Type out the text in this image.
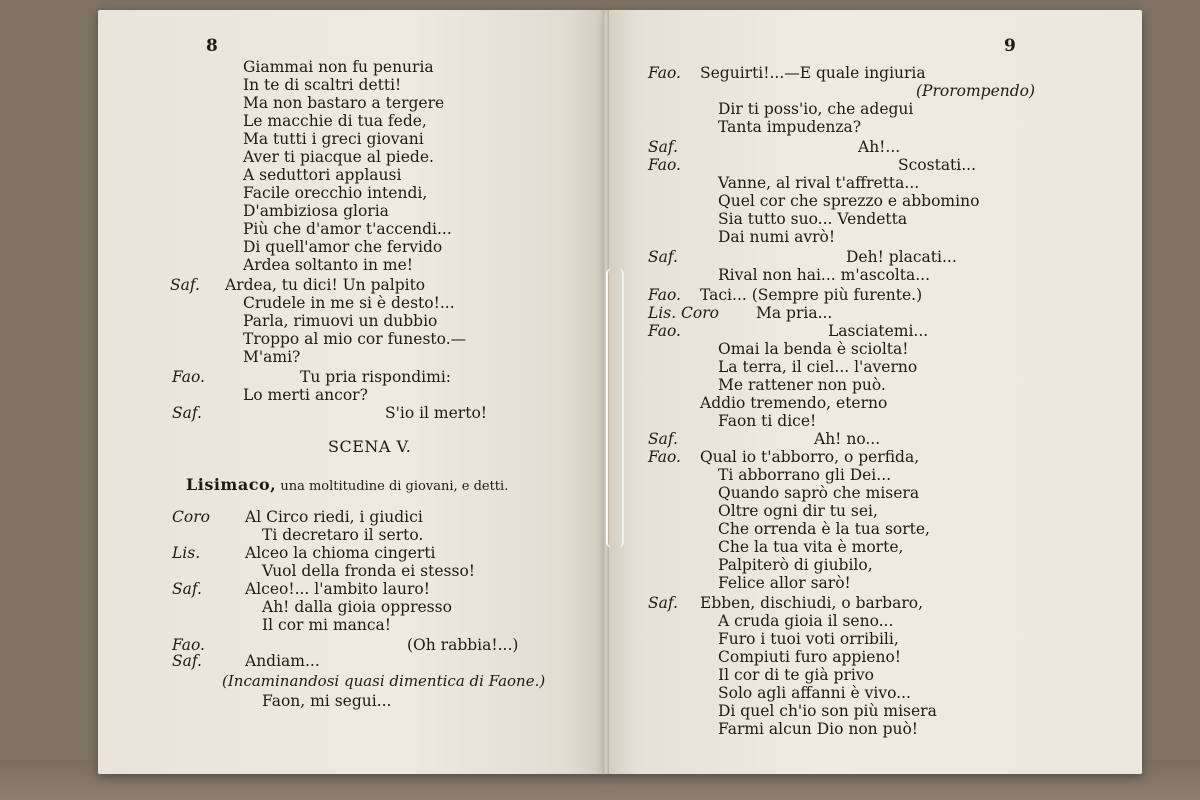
8
Giammai non fu penuria
In te di scaltri detti!
Ma non bastaro a tergere
Le macchie di tua fede,
Ma tutti i greci giovani
Aver ti piacque al piede.
A seduttori applausi
Facile orecchio intendi,
D'ambiziosa gloria
Più che d'amor t'accendi...
Di quell'amor che fervido
Ardea soltanto in me!
Saf. Ardea, tu dici! Un palpito
Crudele in me si è desto!...
Parla, rimuovi un dubbio
Troppo al mio cor funesto.—
M'ami?
Fao.	Tu pria rispondimi:
Lo merti ancor?
Saf.	S'io il merto!
SCENA V.
Lisimaco, una moltitudine di giovani, e detti.
Coro Al Circo riedi, i giudici
Ti decretaro il serto.
Lis.	Alceo la chioma cingerti
Vuol della fronda ei stesso!
Saf.	Alceo!... l'ambito lauro!
Ah! dalla gioia oppresso
Il cor mi manca!
Fao.	(Oh rabbia!...)
Saf.	Andiam...
(Incaminandosi quasi dimentica di Faone.)
Faon, mi segui...
9
Fao. Seguirti!...—E quale ingiuria
(Prorompendo)
Dir ti poss'io, che adegui
Tanta impudenza?
Saf.	Ah!...
Fao.	Scostati...
Vanne, al rival t'affretta...
Quel cor che sprezzo e abbomino
Sia tutto suo... Vendetta
Dai numi avrò!
Saf.	Deh! placati...
Rival non hai... m'ascolta...
Fao. Taci... (Sempre più furente.)
Lis. Coro Ma pria...
Fao.	Lasciatemi...
Omai la benda è sciolta!
La terra, il ciel... l'averno
Me rattener non può.
Addio tremendo, eterno
Faon ti dice!
Saf.	Ah! no...
Fao. Qual io t'abborro, o perfida,
Ti abborrano gli Dei...
Quando saprò che misera
Oltre ogni dir tu sei,
Che orrenda è la tua sorte,
Che la tua vita è morte,
Palpiterò di giubilo,
Felice allor sarò!
Saf. Ebben, dischiudi, o barbaro,
A cruda gioia il seno...
Furo i tuoi voti orribili,
Compiuti furo appieno!
Il cor di te già privo
Solo agli affanni è vivo...
Di quel ch'io son più misera
Farmi alcun Dio non può!
